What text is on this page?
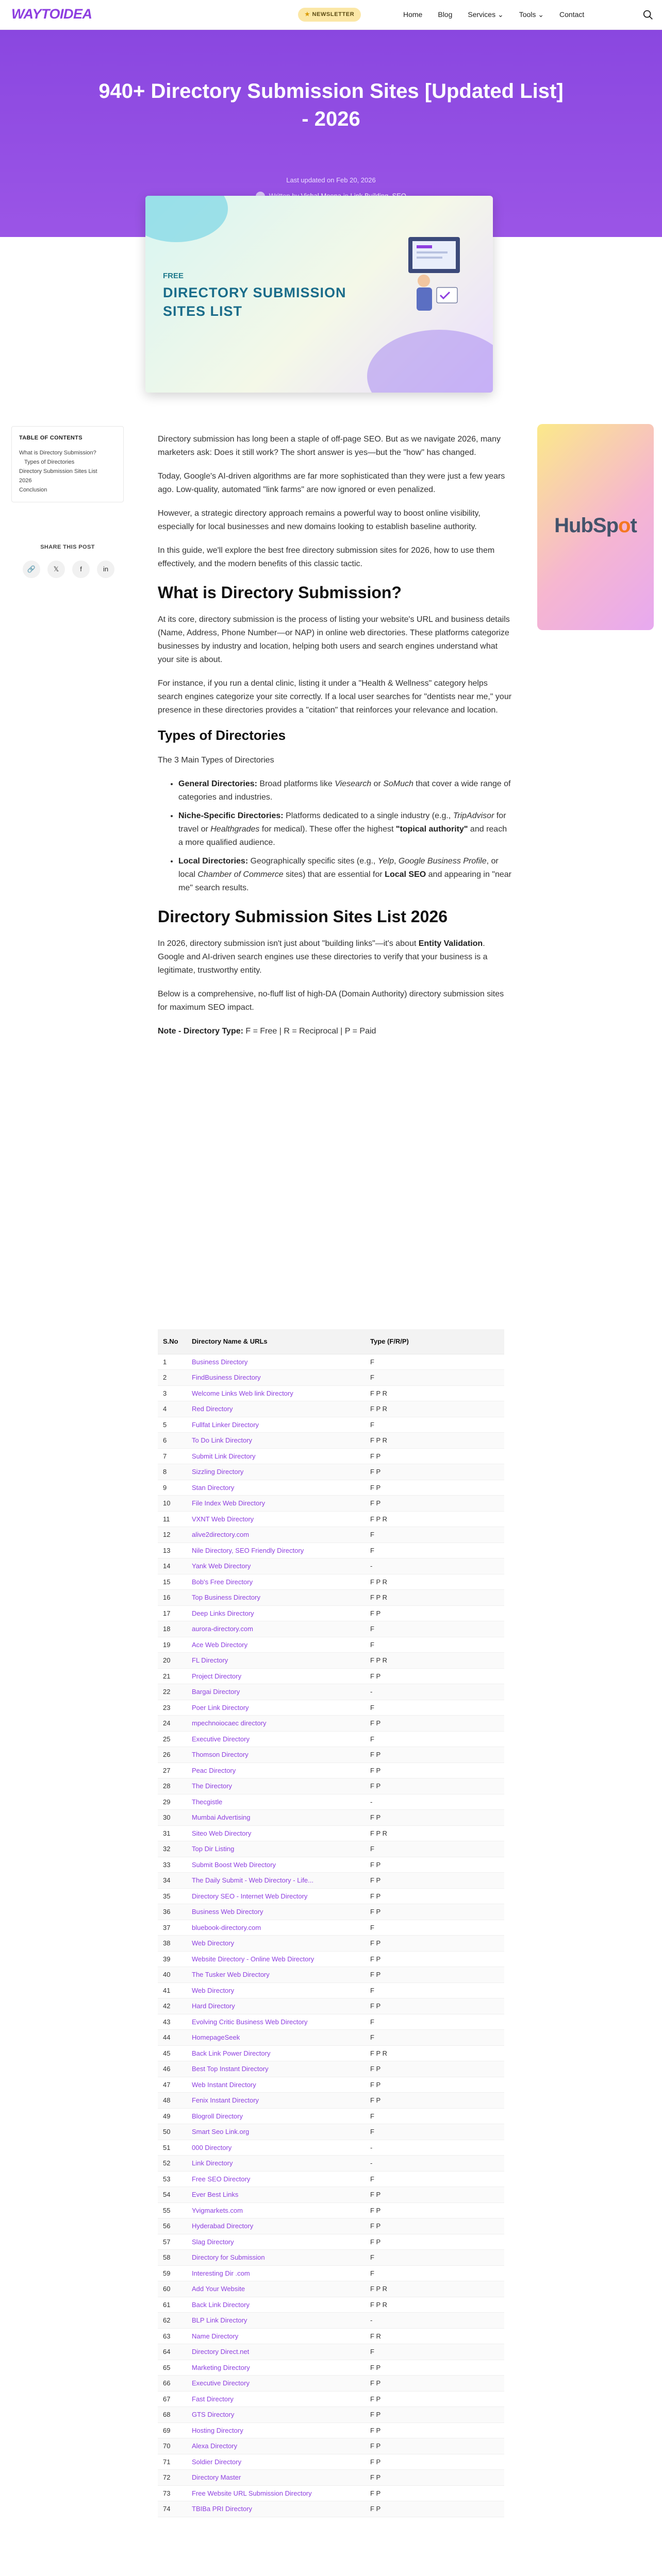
WAYTOIDEA	★ NEWSLETTER	Home Blog Services ⌄ Tools ⌄ Contact
940+ Directory Submission Sites [Updated List] - 2026
Last updated on Feb 20, 2026
FREE
DIRECTORY SUBMISSION SITES LIST
TABLE OF CONTENTS
What is Directory Submission?
Types of Directories
Directory Submission Sites List
2026
Conclusion
SHARE THIS POST
🔗	𝕏	f	in
HubSpot

Directory submission has long been a staple of off-page SEO. But as we navigate 2026, many marketers ask: Does it still work? The short answer is yes—but the "how" has changed.

Today, Google's AI-driven algorithms are far more sophisticated than they were just a few years ago. Low-quality, automated "link farms" are now ignored or even penalized.

However, a strategic directory approach remains a powerful way to boost online visibility, especially for local businesses and new domains looking to establish baseline authority.

In this guide, we'll explore the best free directory submission sites for 2026, how to use them effectively, and the modern benefits of this classic tactic.

What is Directory Submission?

At its core, directory submission is the process of listing your website's URL and business details (Name, Address, Phone Number—or NAP) in online web directories. These platforms categorize businesses by industry and location, helping both users and search engines understand what your site is about.

For instance, if you run a dental clinic, listing it under a "Health & Wellness" category helps search engines categorize your site correctly. If a local user searches for "dentists near me," your presence in these directories provides a "citation" that reinforces your relevance and location.

Types of Directories

The 3 Main Types of Directories

• General Directories: Broad platforms like Viesearch or SoMuch that cover a wide range of categories and industries.
• Niche-Specific Directories: Platforms dedicated to a single industry (e.g., TripAdvisor for travel or Healthgrades for medical). These offer the highest "topical authority" and reach a more qualified audience.
• Local Directories: Geographically specific sites (e.g., Yelp, Google Business Profile, or local Chamber of Commerce sites) that are essential for Local SEO and appearing in "near me" search results.
Directory Submission Sites List 2026

In 2026, directory submission isn't just about "building links"—it's about Entity Validation. Google and AI-driven search engines use these directories to verify that your business is a legitimate, trustworthy entity.

Below is a comprehensive, no-fluff list of high-DA (Domain Authority) directory submission sites for maximum SEO impact.

Note - Directory Type: F = Free | R = Reciprocal | P = Paid

S.No	Directory Name & URLs	Type (F/R/P)
1	Business Directory	F
2	FindBusiness Directory	F
3	Welcome Links Web link Directory	F P R
4	Red Directory	F P R
5	Fullfat Linker Directory	F
6	To Do Link Directory	F P R
7	Submit Link Directory	F P
8	Sizzling Directory	F P
9	Stan Directory	F P
10	File Index Web Directory	F P
11	VXNT Web Directory	F P R
12	alive2directory.com	F
13	Nile Directory, SEO Friendly Directory	F
14	Yank Web Directory	-
15	Bob's Free Directory	F P R
16	Top Business Directory	F P R
17	Deep Links Directory	F P
18	aurora-directory.com	F
19	Ace Web Directory	F
20	FL Directory	F P R
21	Project Directory	F P
22	Bargai Directory	-
23	Poer Link Directory	F
24	mpechnoiocaec directory	F P
25	Executive Directory	F
26	Thomson Directory	F P
27	Peac Directory	F P
28	The Directory	F P
29	Thecgistle	-
30	Mumbai Advertising	F P
31	Siteo Web Directory	F P R
32	Top Dir Listing	F
33	Submit Boost Web Directory	F P
34	The Daily Submit - Web Directory - Life...	F P
35	Directory SEO - Internet Web Directory	F P
36	Business Web Directory	F P
37	bluebook-directory.com	F
38	Web Directory	F P
39	Website Directory - Online Web Directory	F P
40	The Tusker Web Directory	F P
41	Web Directory	F
42	Hard Directory	F P
43	Evolving Critic Business Web Directory	F
44	HomepageSeek	F
45	Back Link Power Directory	F P R
46	Best Top Instant Directory	F P
47	Web Instant Directory	F P
48	Fenix Instant Directory	F P
49	Blogroll Directory	F
50	Smart Seo Link.org	F
51	000 Directory	-
52	Link Directory	-
53	Free SEO Directory	F
54	Ever Best Links	F P
55	Yvigmarkets.com	F P
56	Hyderabad Directory	F P
57	Slag Directory	F P
58	Directory for Submission	F
59	Interesting Dir .com	F
60	Add Your Website	F P R
61	Back Link Directory	F P R
62	BLP Link Directory	-
63	Name Directory	F R
64	Directory Direct.net	F
65	Marketing Directory	F P
66	Executive Directory	F P
67	Fast Directory	F P
68	GTS Directory	F P
69	Hosting Directory	F P
70	Alexa Directory	F P
71	Soldier Directory	F P
72	Directory Master	F P
73	Free Website URL Submission Directory	F P
74	TBIBa PRI Directory	F P
